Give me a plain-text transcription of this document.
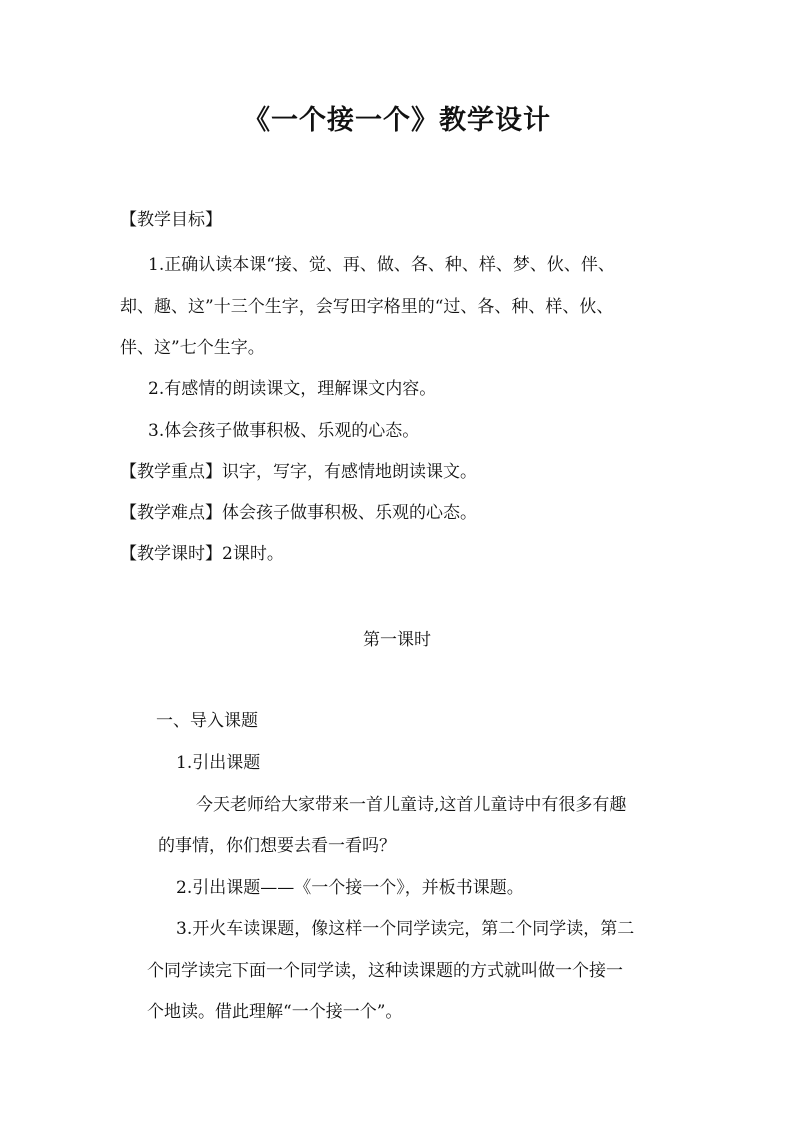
《一个接一个》教学设计

【教学目标】

1.正确认读本课“接、觉、再、做、各、种、样、梦、伙、伴、

却、趣、这”十三个生字，会写田字格里的“过、各、种、样、伙、

伴、这”七个生字。

2.有感情的朗读课文，理解课文内容。

3.体会孩子做事积极、乐观的心态。

【教学重点】识字，写字，有感情地朗读课文。

【教学难点】体会孩子做事积极、乐观的心态。

【教学课时】2课时。

第一课时

一、导入课题

1.引出课题

今天老师给大家带来一首儿童诗,这首儿童诗中有很多有趣

的事情，你们想要去看一看吗？

2.引出课题——《一个接一个》，并板书课题。

3.开火车读课题，像这样一个同学读完，第二个同学读，第二

个同学读完下面一个同学读，这种读课题的方式就叫做一个接一

个地读。借此理解“一个接一个”。
